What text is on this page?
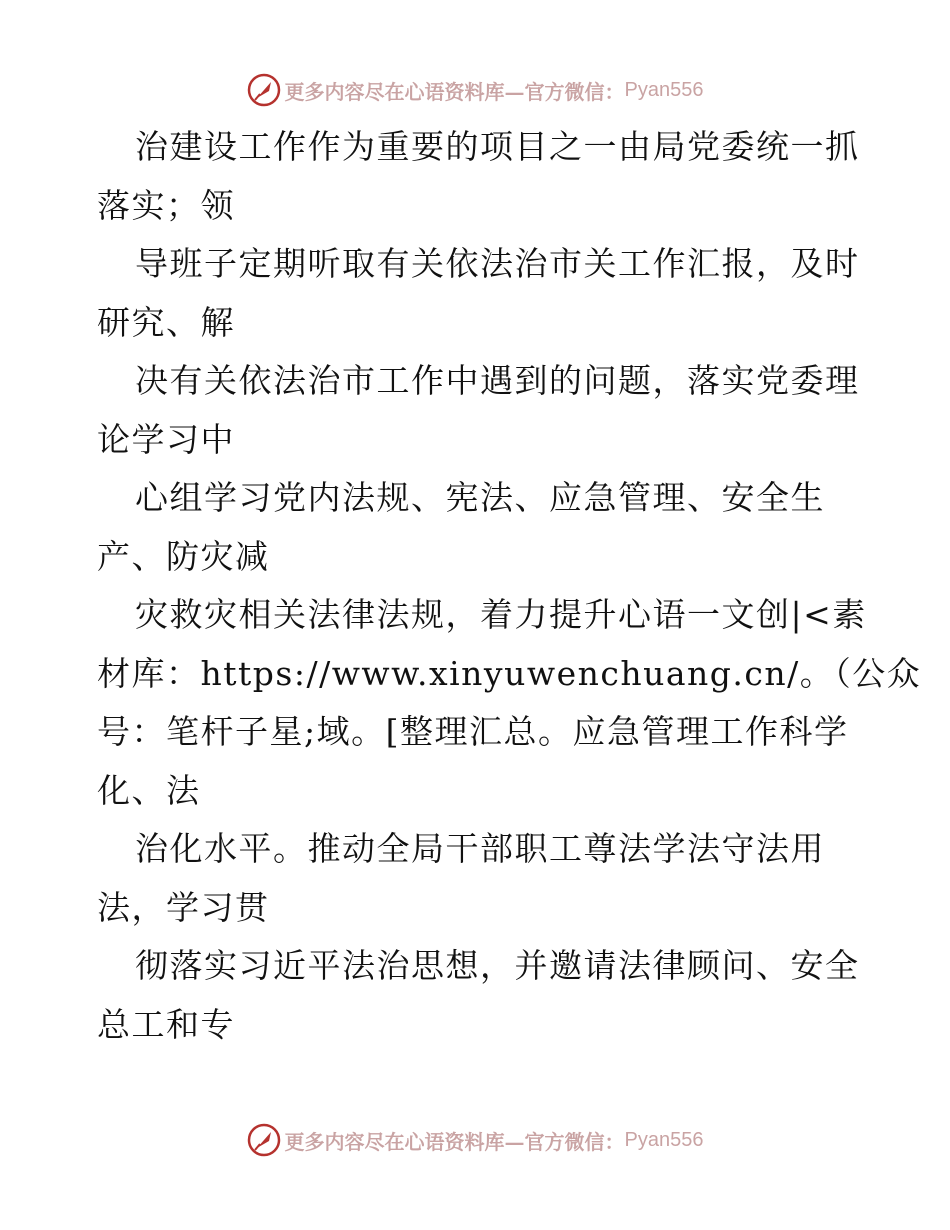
更多内容尽在心语资料库—官方微信： Pyan556
治建设工作作为重要的项目之一由局党委统一抓
落实；领
导班子定期听取有关依法治市关工作汇报，及时
研究、解
决有关依法治市工作中遇到的问题，落实党委理
论学习中
心组学习党内法规、宪法、应急管理、安全生
产、防灾减
灾救灾相关法律法规，着力提升心语一文创|<素
材库：https://www.xinyuwenchuang.cn/。（公众
号：笔杆子星;域。[整理汇总。应急管理工作科学
化、法
治化水平。推动全局干部职工尊法学法守法用
法，学习贯
彻落实习近平法治思想，并邀请法律顾问、安全
总工和专
更多内容尽在心语资料库—官方微信： Pyan556
